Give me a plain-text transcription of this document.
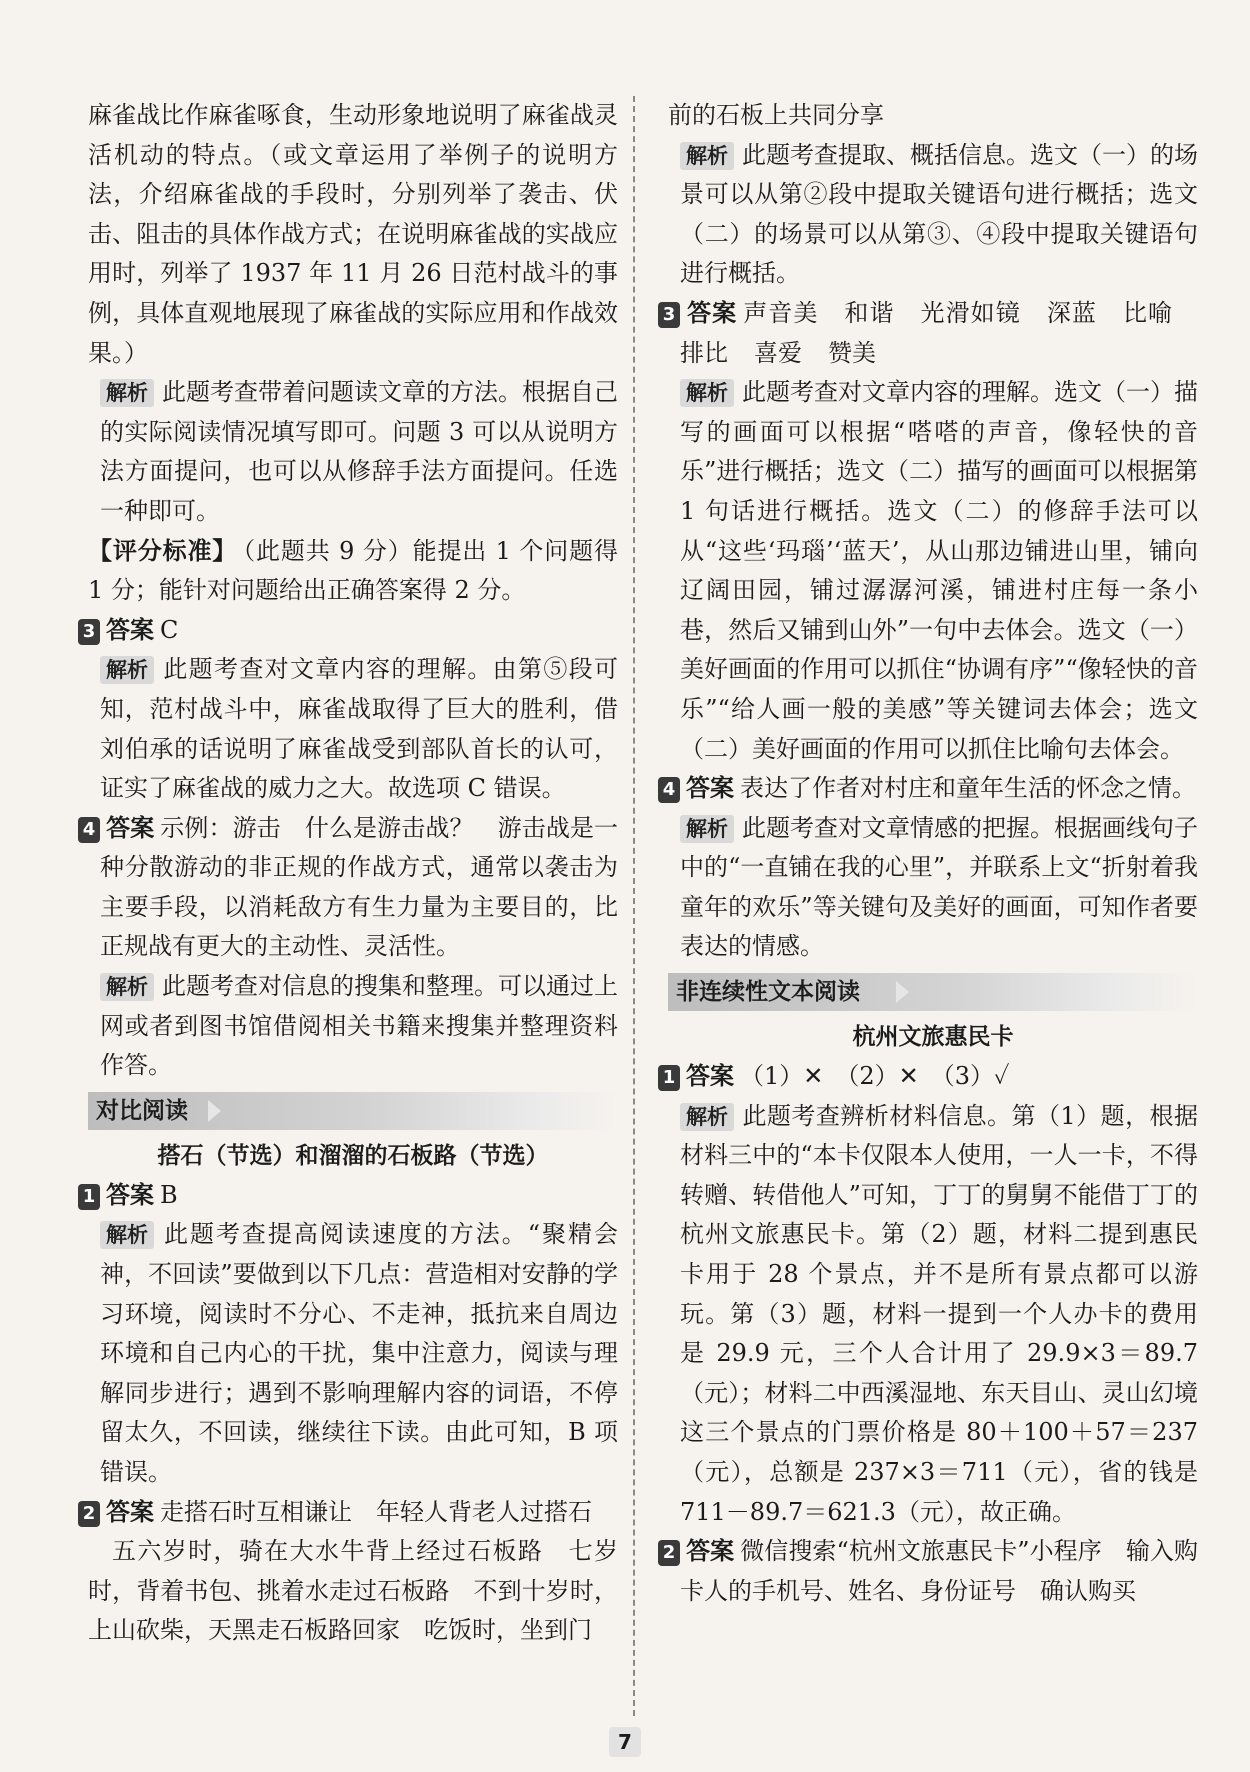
麻雀战比作麻雀啄食，生动形象地说明了麻雀战灵活机动的特点。（或文章运用了举例子的说明方法，介绍麻雀战的手段时，分别列举了袭击、伏击、阻击的具体作战方式；在说明麻雀战的实战应用时，列举了 1937 年 11 月 26 日范村战斗的事例，具体直观地展现了麻雀战的实际应用和作战效果。）

解析 此题考查带着问题读文章的方法。根据自己的实际阅读情况填写即可。问题 3 可以从说明方法方面提问，也可以从修辞手法方面提问。任选一种即可。

【评分标准】 （此题共 9 分）能提出 1 个问题得 1 分；能针对问题给出正确答案得 2 分。

3 答案 C

解析 此题考查对文章内容的理解。由第⑤段可知，范村战斗中，麻雀战取得了巨大的胜利，借刘伯承的话说明了麻雀战受到部队首长的认可，证实了麻雀战的威力之大。故选项 C 错误。

4 答案 示例：游击　什么是游击战？　游击战是一种分散游动的非正规的作战方式，通常以袭击为主要手段，以消耗敌方有生力量为主要目的，比正规战有更大的主动性、灵活性。

解析 此题考查对信息的搜集和整理。可以通过上网或者到图书馆借阅相关书籍来搜集并整理资料作答。

对比阅读

搭石（节选）和溜溜的石板路（节选）

1 答案 B

解析 此题考查提高阅读速度的方法。“聚精会神，不回读”要做到以下几点：营造相对安静的学习环境，阅读时不分心、不走神，抵抗来自周边环境和自己内心的干扰，集中注意力，阅读与理解同步进行；遇到不影响理解内容的词语，不停留太久，不回读，继续往下读。由此可知，B 项错误。

2 答案 走搭石时互相谦让　年轻人背老人过搭石

五六岁时，骑在大水牛背上经过石板路　七岁时，背着书包、挑着水走过石板路　不到十岁时，上山砍柴，天黑走石板路回家　吃饭时，坐到门

前的石板上共同分享

解析 此题考查提取、概括信息。选文（一）的场景可以从第②段中提取关键语句进行概括；选文（二）的场景可以从第③、④段中提取关键语句进行概括。

3 答案 声音美 和谐 光滑如镜 深蓝 比喻排比 喜爱 赞美

解析 此题考查对文章内容的理解。选文（一）描写的画面可以根据“嗒嗒的声音，像轻快的音乐”进行概括；选文（二）描写的画面可以根据第 1 句话进行概括。选文（二）的修辞手法可以从“这些‘玛瑙’‘蓝天’，从山那边铺进山里，铺向辽阔田园，铺过潺潺河溪，铺进村庄每一条小巷，然后又铺到山外”一句中去体会。选文（一）美好画面的作用可以抓住“协调有序”“像轻快的音乐”“给人画一般的美感”等关键词去体会；选文（二）美好画面的作用可以抓住比喻句去体会。

4 答案 表达了作者对村庄和童年生活的怀念之情。

解析 此题考查对文章情感的把握。根据画线句子中的“一直铺在我的心里”，并联系上文“折射着我童年的欢乐”等关键句及美好的画面，可知作者要表达的情感。

非连续性文本阅读

杭州文旅惠民卡

1 答案 （1）✕　（2）✕　（3）✓

解析 此题考查辨析材料信息。第（1）题，根据材料三中的“本卡仅限本人使用，一人一卡，不得转赠、转借他人”可知，丁丁的舅舅不能借丁丁的杭州文旅惠民卡。第（2）题，材料二提到惠民卡用于 28 个景点，并不是所有景点都可以游玩。第（3）题，材料一提到一个人办卡的费用是 29.9 元，三个人合计用了 29.9×3＝89.7（元）；材料二中西溪湿地、东天目山、灵山幻境这三个景点的门票价格是 80＋100＋57＝237（元），总额是 237×3＝711（元），省的钱是 711－89.7＝621.3（元），故正确。

2 答案 微信搜索“杭州文旅惠民卡”小程序　输入购卡人的手机号、姓名、身份证号　确认购买

7
